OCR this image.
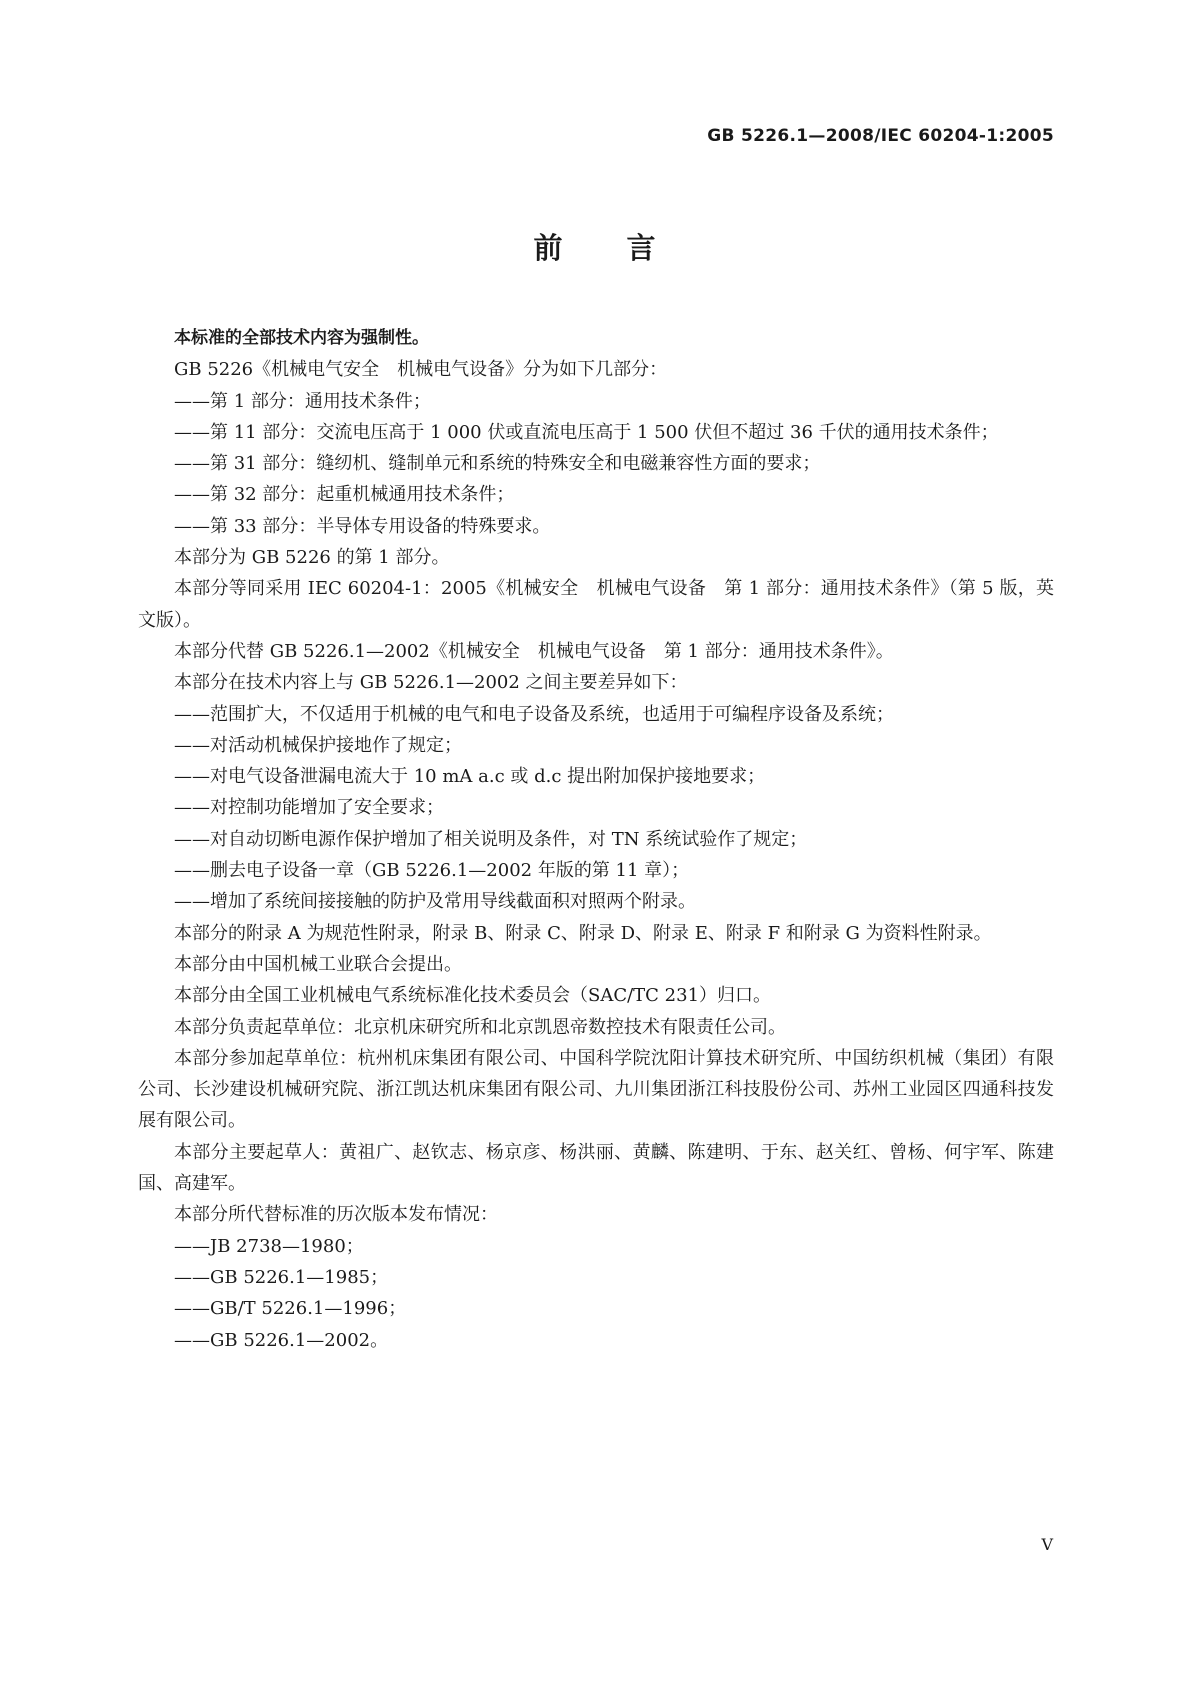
GB 5226.1—2008/IEC 60204-1:2005
前　　言

本标准的全部技术内容为强制性。

GB 5226《机械电气安全　机械电气设备》分为如下几部分：

——第 1 部分：通用技术条件；

——第 11 部分：交流电压高于 1 000 伏或直流电压高于 1 500 伏但不超过 36 千伏的通用技术条件；

——第 31 部分：缝纫机、缝制单元和系统的特殊安全和电磁兼容性方面的要求；

——第 32 部分：起重机械通用技术条件；

——第 33 部分：半导体专用设备的特殊要求。

本部分为 GB 5226 的第 1 部分。

本部分等同采用 IEC 60204-1：2005《机械安全　机械电气设备　第 1 部分：通用技术条件》（第 5 版，英文版）。

本部分代替 GB 5226.1—2002《机械安全　机械电气设备　第 1 部分：通用技术条件》。

本部分在技术内容上与 GB 5226.1—2002 之间主要差异如下：

——范围扩大，不仅适用于机械的电气和电子设备及系统，也适用于可编程序设备及系统；

——对活动机械保护接地作了规定；

——对电气设备泄漏电流大于 10 mA a.c 或 d.c 提出附加保护接地要求；

——对控制功能增加了安全要求；

——对自动切断电源作保护增加了相关说明及条件，对 TN 系统试验作了规定；

——删去电子设备一章（GB 5226.1—2002 年版的第 11 章）；

——增加了系统间接接触的防护及常用导线截面积对照两个附录。

本部分的附录 A 为规范性附录，附录 B、附录 C、附录 D、附录 E、附录 F 和附录 G 为资料性附录。

本部分由中国机械工业联合会提出。

本部分由全国工业机械电气系统标准化技术委员会（SAC/TC 231）归口。

本部分负责起草单位：北京机床研究所和北京凯恩帝数控技术有限责任公司。

本部分参加起草单位：杭州机床集团有限公司、中国科学院沈阳计算技术研究所、中国纺织机械（集团）有限公司、长沙建设机械研究院、浙江凯达机床集团有限公司、九川集团浙江科技股份公司、苏州工业园区四通科技发展有限公司。

本部分主要起草人：黄祖广、赵钦志、杨京彦、杨洪丽、黄麟、陈建明、于东、赵关红、曾杨、何宇军、陈建国、高建军。

本部分所代替标准的历次版本发布情况：

——JB 2738—1980；

——GB 5226.1—1985；

——GB/T 5226.1—1996；

——GB 5226.1—2002。

V
